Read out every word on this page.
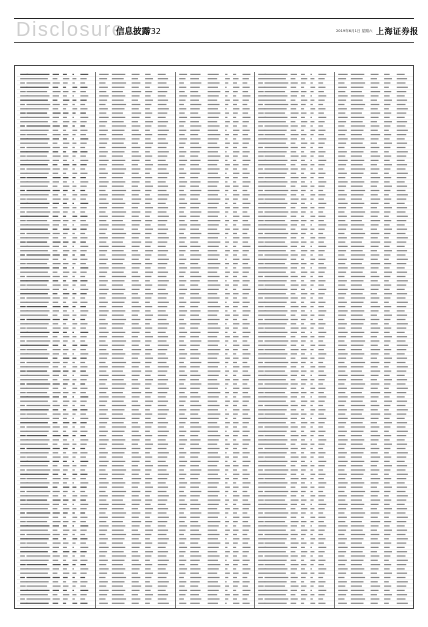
Disclosure
信息披露
/32	2019年6月1日 星期六 上海证券报
